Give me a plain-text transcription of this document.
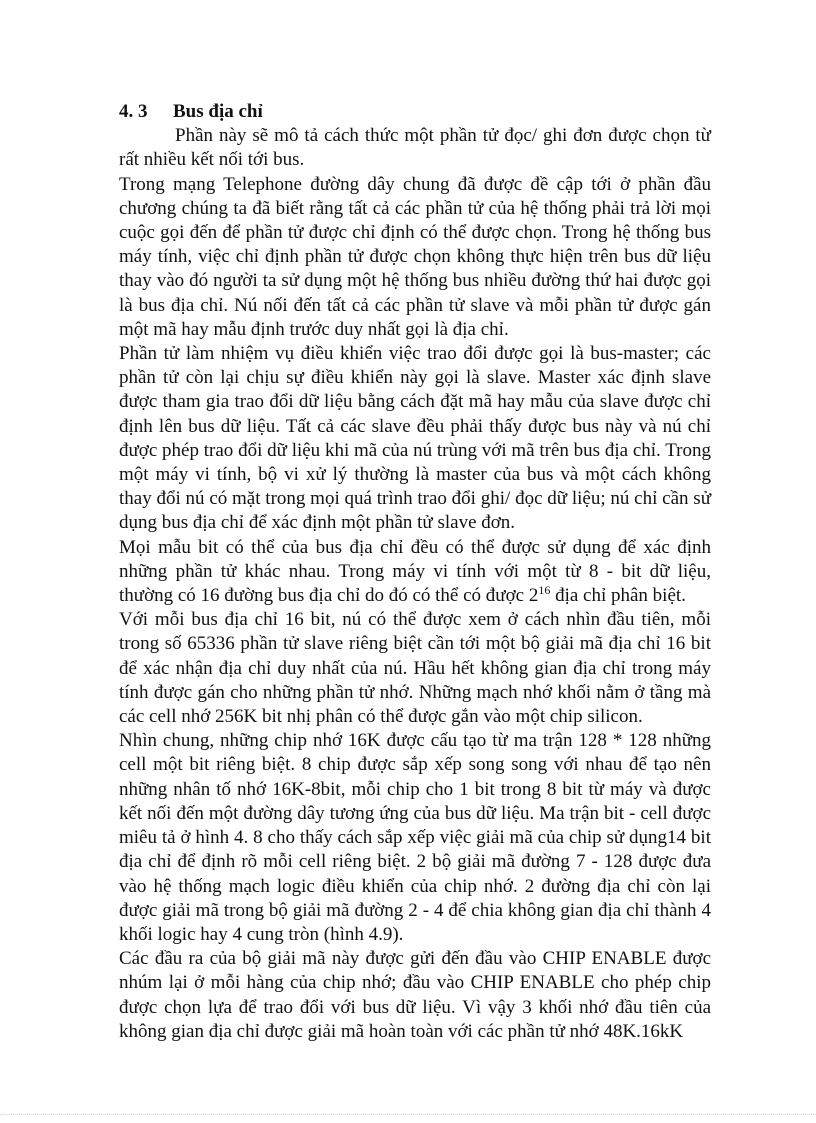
4. 3 Bus địa chỉ

Phần này sẽ mô tả cách thức một phần tử đọc/ ghi đơn được chọn từ rất nhiều kết nối tới bus.

Trong mạng Telephone đường dây chung đã được đề cập tới ở phần đầu chương chúng ta đã biết rằng tất cả các phần tử của hệ thống phải trả lời mọi cuộc gọi đến để phần tử được chỉ định có thể được chọn. Trong hệ thống bus máy tính, việc chỉ định phần tử được chọn không thực hiện trên bus dữ liệu thay vào đó người ta sử dụng một hệ thống bus nhiều đường thứ hai được gọi là bus địa chỉ. Nú nối đến tất cả các phần tử slave và mỗi phần tử được gán một mã hay mẫu định trước duy nhất gọi là địa chỉ.

Phần tử làm nhiệm vụ điều khiển việc trao đổi được gọi là bus-master; các phần tử còn lại chịu sự điều khiển này gọi là slave. Master xác định slave được tham gia trao đổi dữ liệu bằng cách đặt mã hay mẫu của slave được chỉ định lên bus dữ liệu. Tất cả các slave đều phải thấy được bus này và nú chỉ được phép trao đổi dữ liệu khi mã của nú trùng với mã trên bus địa chỉ. Trong một máy vi tính, bộ vi xử lý thường là master của bus và một cách không thay đổi nú có mặt trong mọi quá trình trao đổi ghi/ đọc dữ liệu; nú chỉ cần sử dụng bus địa chỉ để xác định một phần tử slave đơn.

Mọi mẫu bit có thể của bus địa chỉ đều có thể được sử dụng để xác định những phần tử khác nhau. Trong máy vi tính với một từ 8 - bit dữ liệu, thường có 16 đường bus địa chỉ do đó có thể có được $2^{16}$ địa chỉ phân biệt.

Với mỗi bus địa chỉ 16 bit, nú có thể được xem ở cách nhìn đầu tiên, mỗi trong số 65336 phần tử slave riêng biệt cần tới một bộ giải mã địa chỉ 16 bit để xác nhận địa chỉ duy nhất của nú. Hầu hết không gian địa chỉ trong máy tính được gán cho những phần tử nhớ. Những mạch nhớ khối nằm ở tầng mà các cell nhớ 256K bit nhị phân có thể được gắn vào một chip silicon.

Nhìn chung, những chip nhớ 16K được cấu tạo từ ma trận 128 * 128 những cell một bit riêng biệt. 8 chip được sắp xếp song song với nhau để tạo nên những nhân tố nhớ 16K-8bit, mỗi chip cho 1 bit trong 8 bit từ máy và được kết nối đến một đường dây tương ứng của bus dữ liệu. Ma trận bit - cell được miêu tả ở hình 4. 8 cho thấy cách sắp xếp việc giải mã của chip sử dụng14 bit địa chỉ để định rõ mỗi cell riêng biệt. 2 bộ giải mã đường 7 - 128 được đưa vào hệ thống mạch logic điều khiển của chip nhớ. 2 đường địa chỉ còn lại được giải mã trong bộ giải mã đường 2 - 4 để chia không gian địa chỉ thành 4 khối logic hay 4 cung tròn (hình 4.9).

Các đầu ra của bộ giải mã này được gửi đến đầu vào CHIP ENABLE được nhúm lại ở mỗi hàng của chip nhớ; đầu vào CHIP ENABLE cho phép chip được chọn lựa để trao đổi với bus dữ liệu. Vì vậy 3 khối nhớ đầu tiên của không gian địa chỉ được giải mã hoàn toàn với các phần tử nhớ 48K.16kK
